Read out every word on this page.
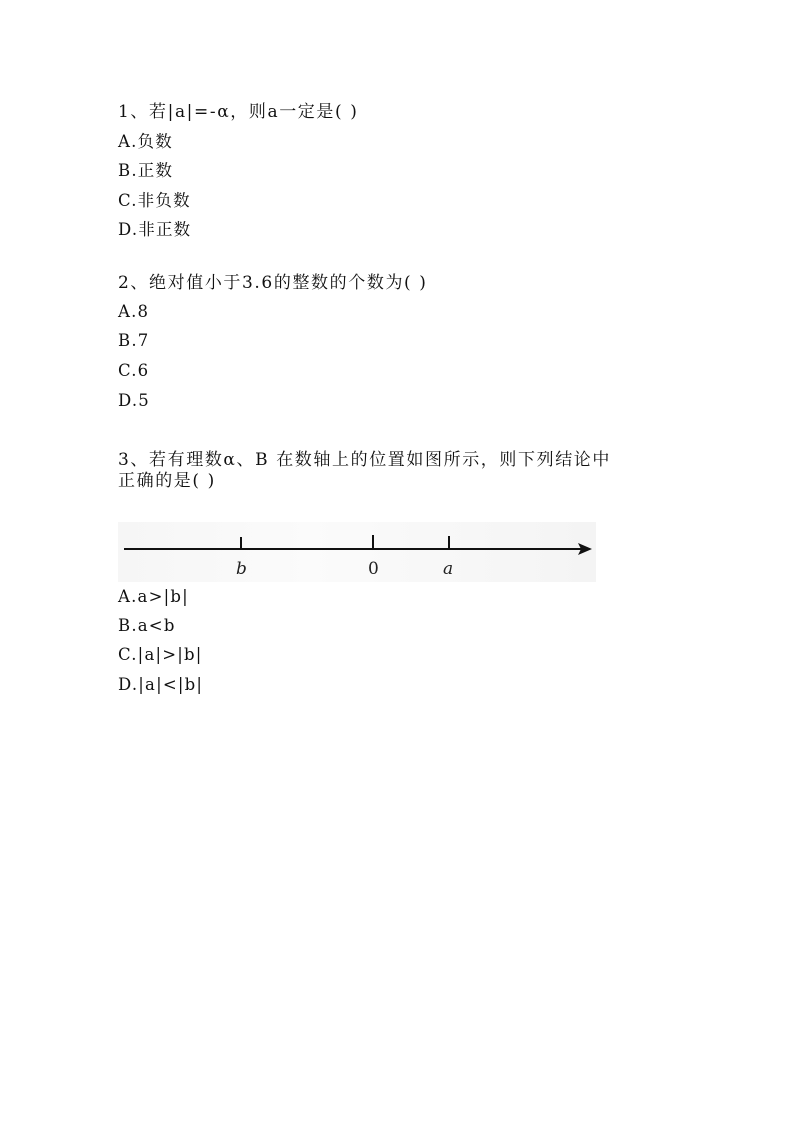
1、若|a|=-α，则a一定是( )
A.负数
B.正数
C.非负数
D.非正数
2、绝对值小于3.6的整数的个数为( )
A.8
B.7
C.6
D.5
3、若有理数α、Β 在数轴上的位置如图所示，则下列结论中
正确的是( )
b	0	a
A.a>|b|
B.a<b
C.|a|>|b|
D.|a|<|b|
